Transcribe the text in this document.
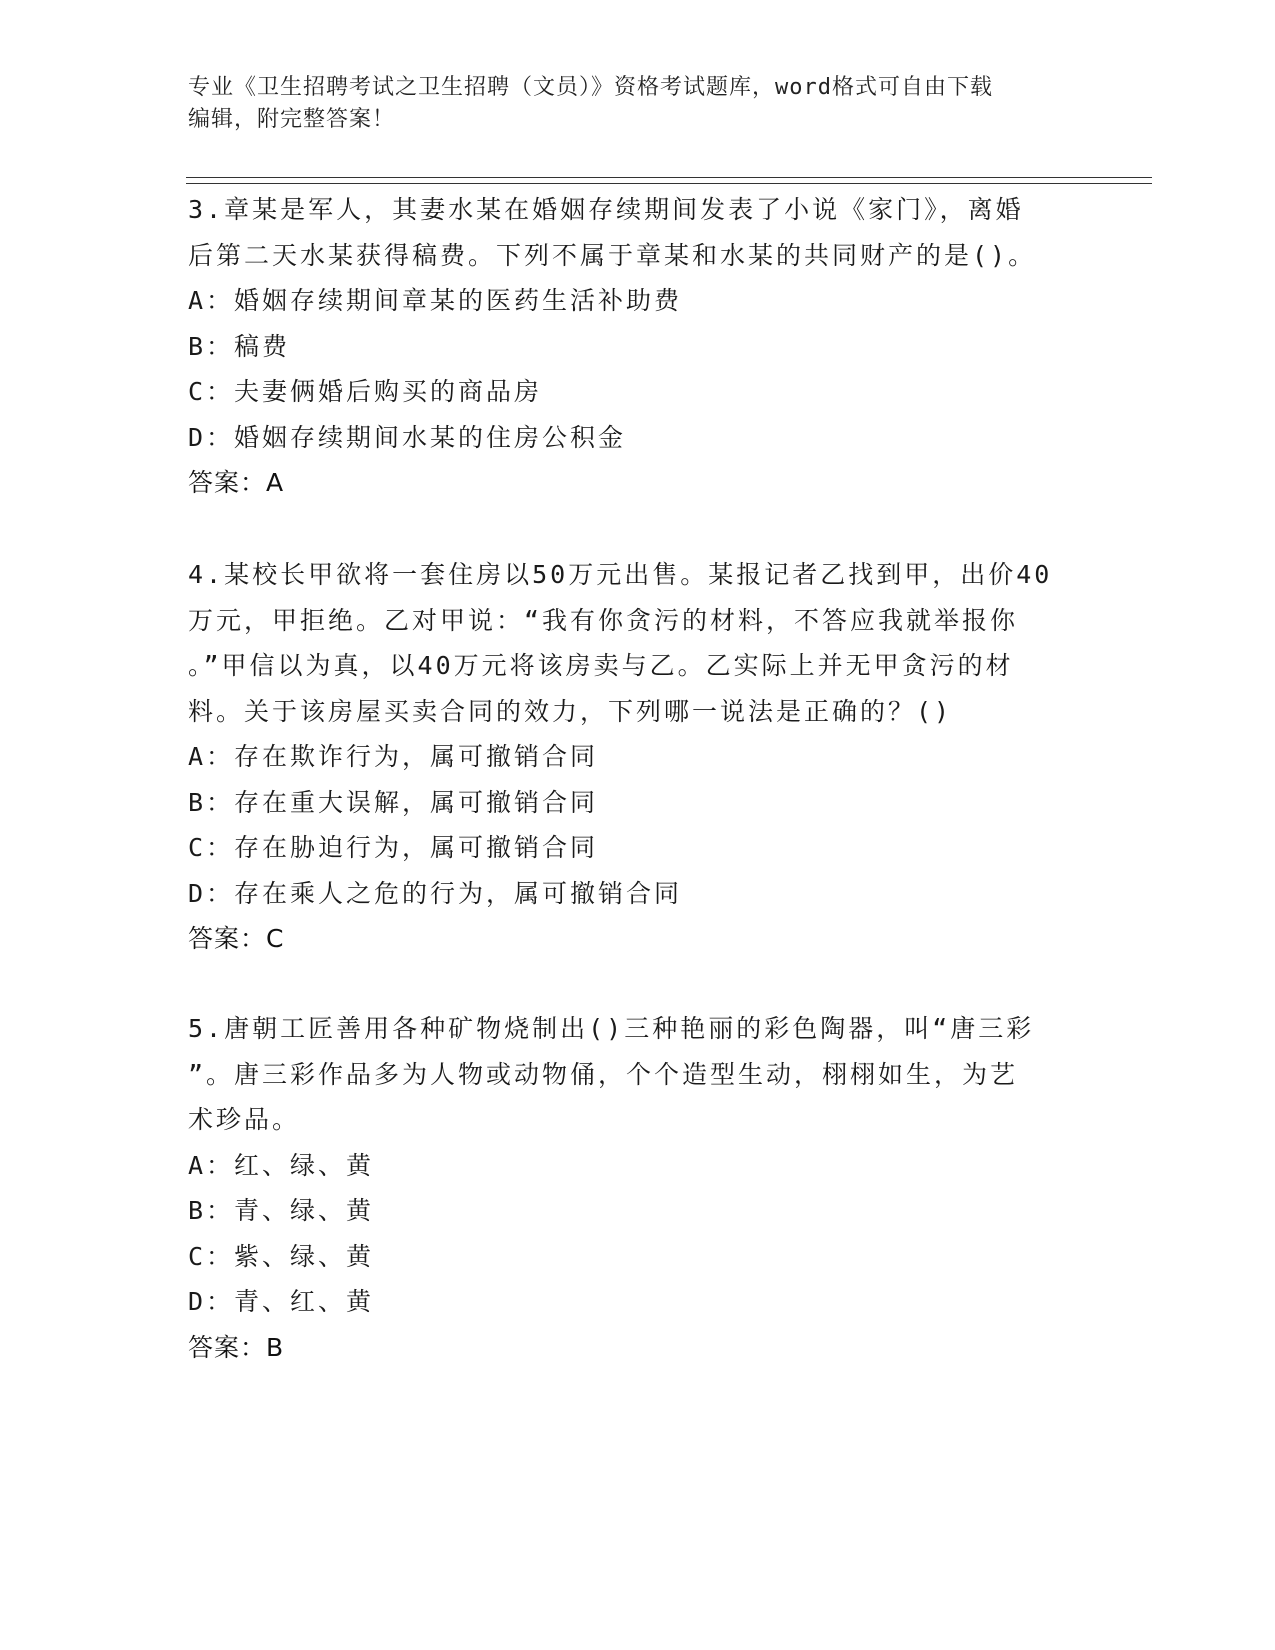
专业《卫生招聘考试之卫生招聘（文员）》资格考试题库，word格式可自由下载
编辑，附完整答案！

3.章某是军人，其妻水某在婚姻存续期间发表了小说《家门》，离婚

后第二天水某获得稿费。下列不属于章某和水某的共同财产的是()。

A：婚姻存续期间章某的医药生活补助费

B：稿费

C：夫妻俩婚后购买的商品房

D：婚姻存续期间水某的住房公积金

答案：A

4.某校长甲欲将一套住房以50万元出售。某报记者乙找到甲，出价40

万元，甲拒绝。乙对甲说：“我有你贪污的材料，不答应我就举报你

。”甲信以为真，以40万元将该房卖与乙。乙实际上并无甲贪污的材

料。关于该房屋买卖合同的效力，下列哪一说法是正确的？()

A：存在欺诈行为，属可撤销合同

B：存在重大误解，属可撤销合同

C：存在胁迫行为，属可撤销合同

D：存在乘人之危的行为，属可撤销合同

答案：C

5.唐朝工匠善用各种矿物烧制出()三种艳丽的彩色陶器，叫“唐三彩

”。唐三彩作品多为人物或动物俑，个个造型生动，栩栩如生，为艺

术珍品。

A：红、绿、黄

B：青、绿、黄

C：紫、绿、黄

D：青、红、黄

答案：B
